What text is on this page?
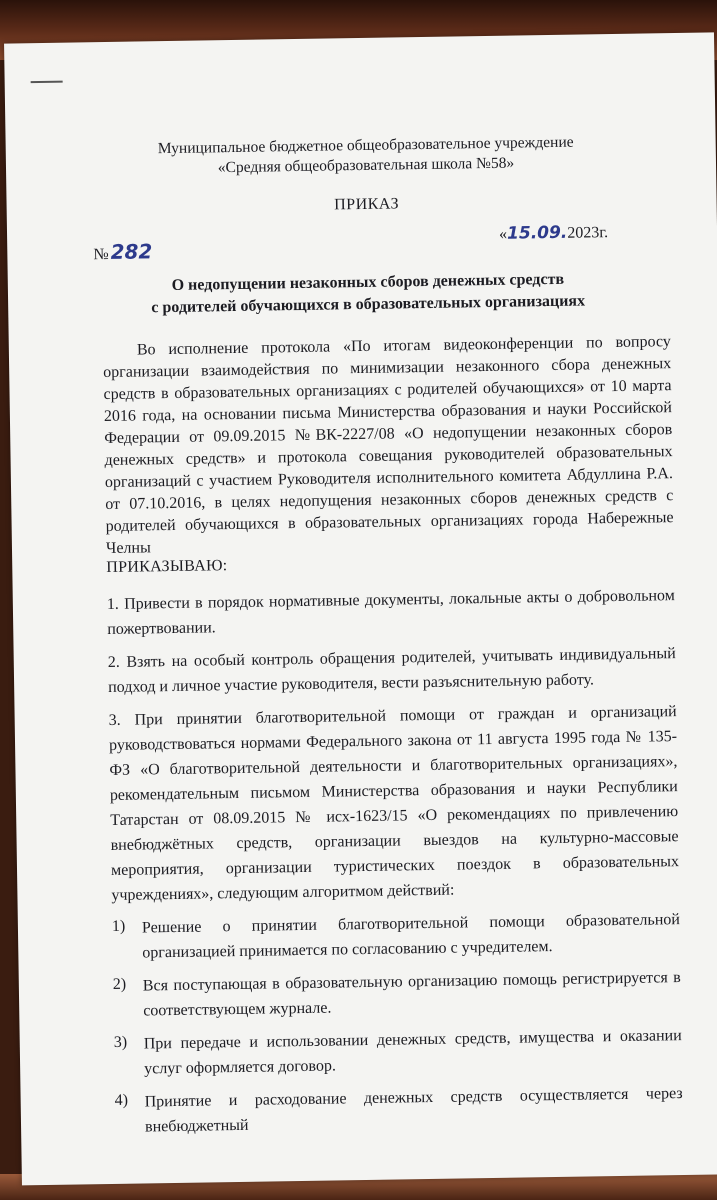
Муниципальное бюджетное общеобразовательное учреждение
«Средняя общеобразовательная школа №58»
ПРИКАЗ
№282
«15.09.2023г.
О недопущении незаконных сборов денежных средств
с родителей обучающихся в образовательных организациях
Во исполнение протокола «По итогам видеоконференции по вопросу организации взаимодействия по минимизации незаконного сбора денежных средств в образовательных организациях с родителей обучающихся» от 10 марта 2016 года, на основании письма Министерства образования и науки Российской Федерации от 09.09.2015 №ВК-2227/08 «О недопущении незаконных сборов денежных средств» и протокола совещания руководителей образовательных организаций с участием Руководителя исполнительного комитета Абдуллина Р.А. от 07.10.2016, в целях недопущения незаконных сборов денежных средств с родителей обучающихся в образовательных организациях города Набережные Челны
ПРИКАЗЫВАЮ:

1. Привести в порядок нормативные документы, локальные акты о добровольном пожертвовании.

2. Взять на особый контроль обращения родителей, учитывать индивидуальный подход и личное участие руководителя, вести разъяснительную работу.

3. При принятии благотворительной помощи от граждан и организаций руководствоваться нормами Федерального закона от 11 августа 1995 года № 135-ФЗ «О благотворительной деятельности и благотворительных организациях», рекомендательным письмом Министерства образования и науки Республики Татарстан от 08.09.2015 № исх-1623/15 «О рекомендациях по привлечению внебюджётных средств, организации выездов на культурно-массовые мероприятия, организации туристических поездок в образовательных учреждениях», следующим алгоритмом действий:

1)	Решение о принятии благотворительной помощи образовательной организацией принимается по согласованию с учредителем.
2)	Вся поступающая в образовательную организацию помощь регистрируется в соответствующем журнале.
3)	При передаче и использовании денежных средств, имущества и оказании услуг оформляется договор.
4)	Принятие и расходование денежных средств осуществляется через внебюджетный
